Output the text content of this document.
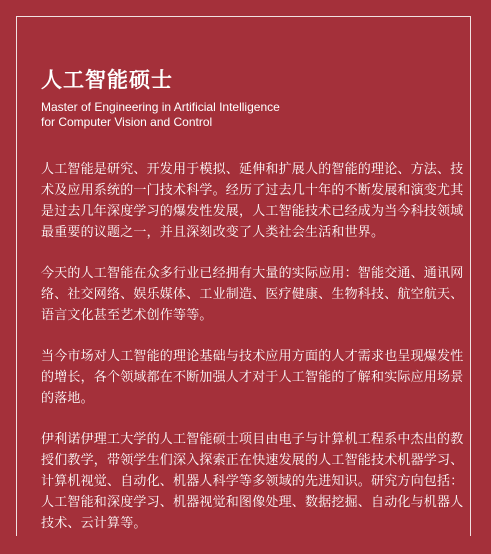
人工智能硕士

Master of Engineering in Artificial Intelligence
for Computer Vision and Control

人工智能是研究、开发用于模拟、延伸和扩展人的智能的理论、方法、技术及应用系统的一门技术科学。经历了过去几十年的不断发展和演变尤其是过去几年深度学习的爆发性发展，人工智能技术已经成为当今科技领域最重要的议题之一，并且深刻改变了人类社会生活和世界。

今天的人工智能在众多行业已经拥有大量的实际应用：智能交通、通讯网络、社交网络、娱乐媒体、工业制造、医疗健康、生物科技、航空航天、语言文化甚至艺术创作等等。

当今市场对人工智能的理论基础与技术应用方面的人才需求也呈现爆发性的增长，各个领域都在不断加强人才对于人工智能的了解和实际应用场景的落地。

伊利诺伊理工大学的人工智能硕士项目由电子与计算机工程系中杰出的教授们教学，带领学生们深入探索正在快速发展的人工智能技术机器学习、计算机视觉、自动化、机器人科学等多领域的先进知识。研究方向包括：人工智能和深度学习、机器视觉和图像处理、数据挖掘、自动化与机器人技术、云计算等。
